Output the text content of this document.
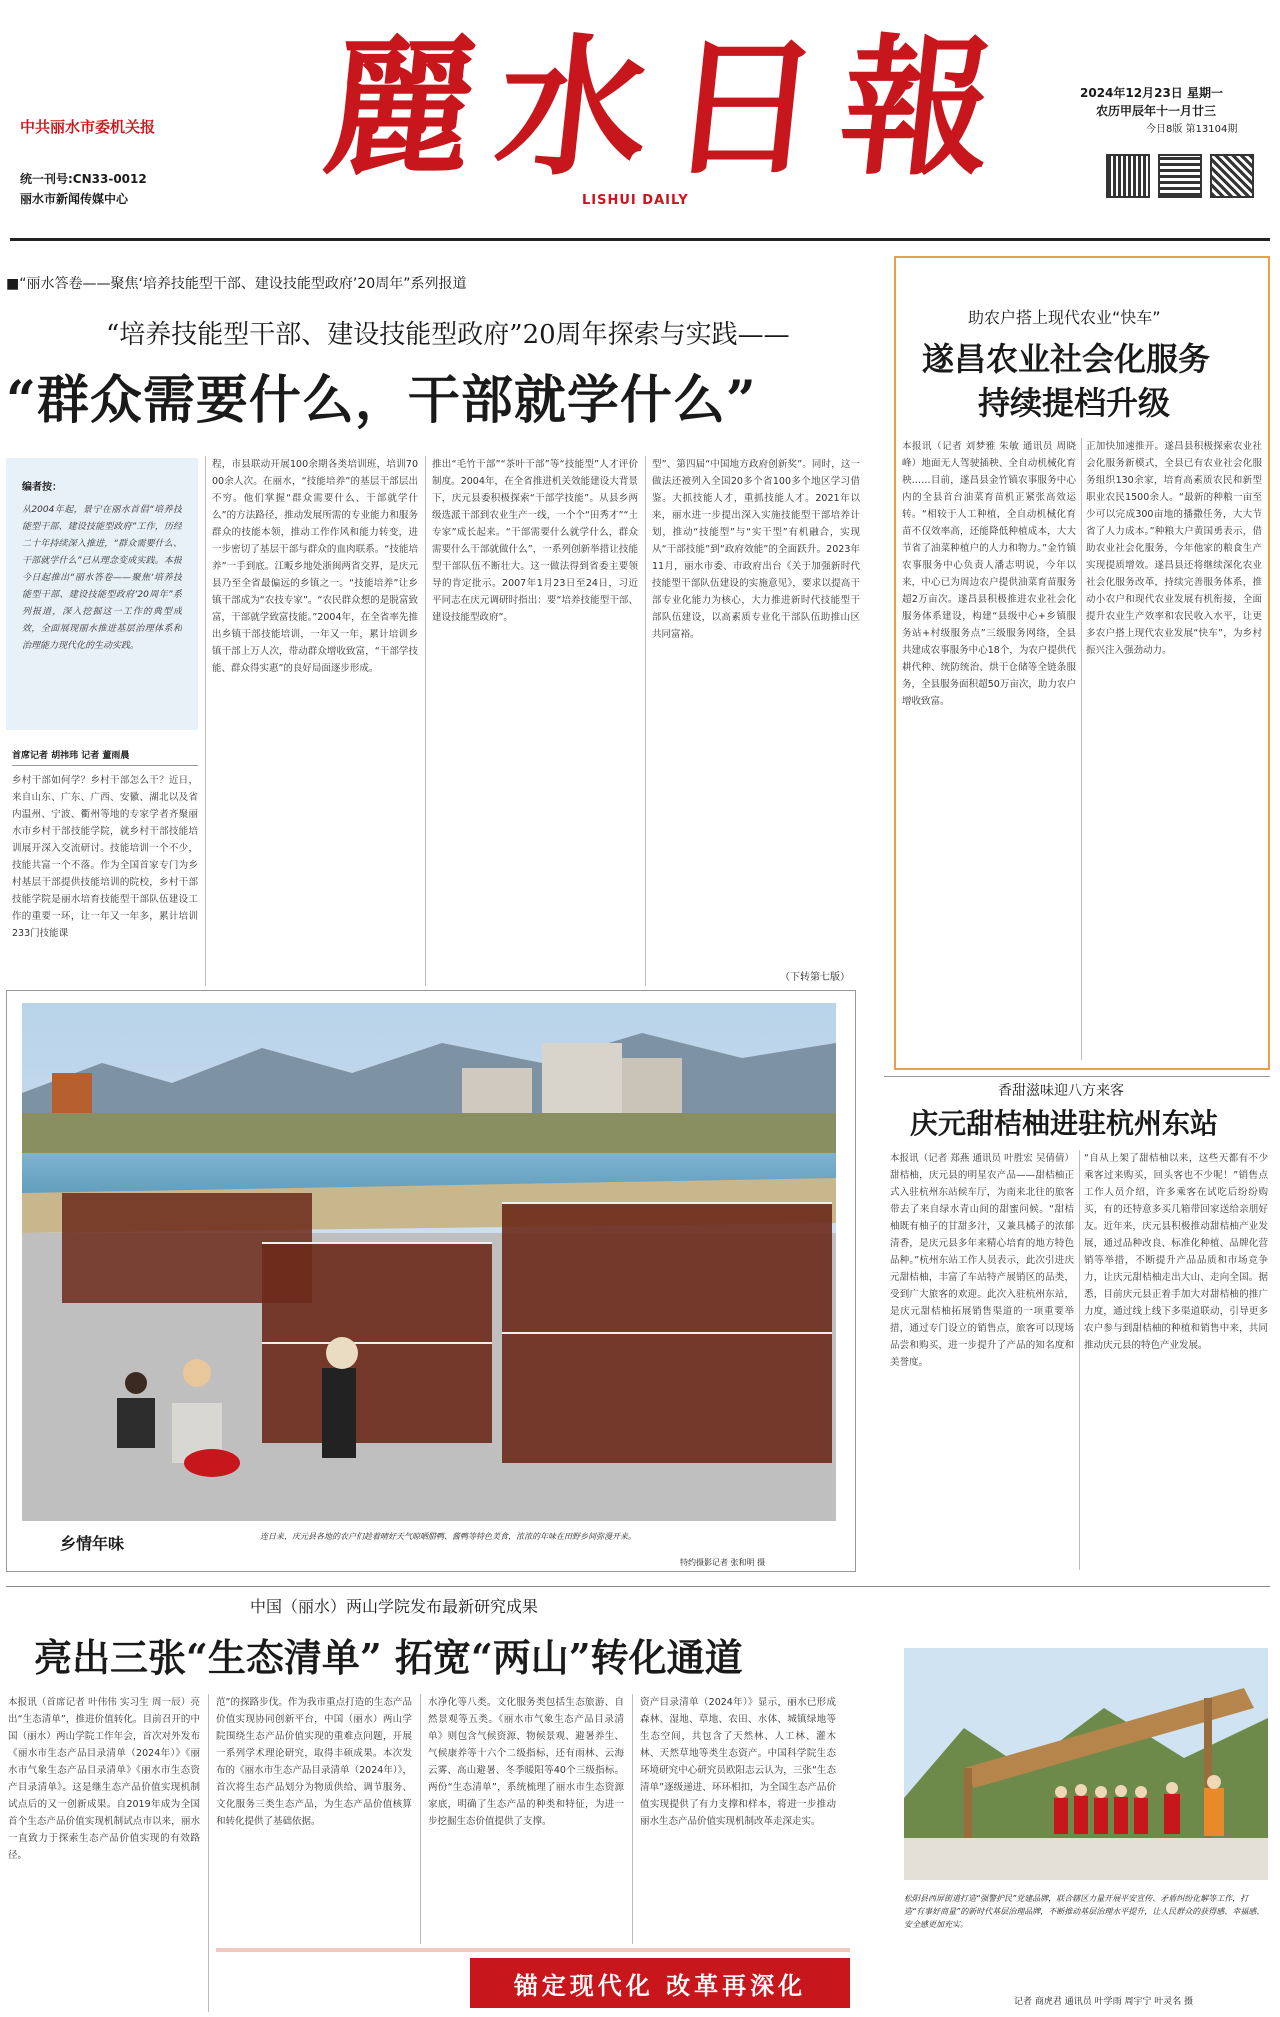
中共丽水市委机关报
统一刊号:CN33-0012
丽水市新闻传媒中心
麗水日報
LISHUI DAILY
2024年12月23日 星期一
农历甲辰年十一月廿三
今日8版 第13104期
■“丽水答卷——聚焦‘培养技能型干部、建设技能型政府’20周年”系列报道
“培养技能型干部、建设技能型政府”20周年探索与实践——
“群众需要什么，干部就学什么”
编者按：
从2004年起，景宁在丽水首倡“培养技能型干部、建设技能型政府”工作，历经二十年持续深入推进，“群众需要什么、干部就学什么”已从理念变成实践。本报今日起推出“丽水答卷——聚焦‘培养技能型干部、建设技能型政府’20周年”系列报道，深入挖掘这一工作的典型成效，全面展现丽水推进基层治理体系和治理能力现代化的生动实践。
首席记者 胡祎玮 记者 董雨晨
乡村干部如何学？乡村干部怎么干？近日，来自山东、广东、广西、安徽、湖北以及省内温州、宁波、衢州等地的专家学者齐聚丽水市乡村干部技能学院，就乡村干部技能培训展开深入交流研讨。技能培训一个不少，技能共富一个不落。作为全国首家专门为乡村基层干部提供技能培训的院校，乡村干部技能学院是丽水培育技能型干部队伍建设工作的重要一环，让一年又一年多，累计培训233门技能课
程，市县联动开展100余期各类培训班，培训7000余人次。在丽水，“技能培养”的基层干部层出不穷。他们掌握“群众需要什么、干部就学什么”的方法路径，推动发展所需的专业能力和服务群众的技能本领，推动工作作风和能力转变，进一步密切了基层干部与群众的血肉联系。“技能培养”一手到底。江畈乡地处浙闽两省交界，是庆元县乃至全省最偏远的乡镇之一。“技能培养”让乡镇干部成为“农技专家”。“农民群众想的是脱富致富，干部就学致富技能。”2004年，在全省率先推出乡镇干部技能培训，一年又一年，累计培训乡镇干部上万人次，带动群众增收致富，“干部学技能、群众得实惠”的良好局面逐步形成。
推出“毛竹干部”“茶叶干部”等“技能型”人才评价制度。2004年，在全省推进机关效能建设大背景下，庆元县委积极探索“干部学技能”。从县乡两级选派干部到农业生产一线，一个个“田秀才”“土专家”成长起来。“干部需要什么就学什么，群众需要什么干部就做什么”，一系列创新举措让技能型干部队伍不断壮大。这一做法得到省委主要领导的肯定批示。2007年1月23日至24日，习近平同志在庆元调研时指出：要“培养技能型干部、建设技能型政府”。
型”、第四届“中国地方政府创新奖”。同时，这一做法还被列入全国20多个省100多个地区学习借鉴。大抓技能人才，重抓技能人才。2021年以来，丽水进一步提出深入实施技能型干部培养计划，推动“技能型”与“实干型”有机融合，实现从“干部技能”到“政府效能”的全面跃升。2023年11月，丽水市委、市政府出台《关于加强新时代技能型干部队伍建设的实施意见》，要求以提高干部专业化能力为核心，大力推进新时代技能型干部队伍建设，以高素质专业化干部队伍助推山区共同富裕。
（下转第七版）
助农户搭上现代农业“快车”
遂昌农业社会化服务
持续提档升级
本报讯（记者 刘梦雅 朱敏 通讯员 周晓峰）地面无人驾驶插秧、全自动机械化育秧……目前，遂昌县金竹镇农事服务中心内的全县首台油菜育苗机正紧张高效运转。“相较于人工种植，全自动机械化育苗不仅效率高，还能降低种植成本，大大节省了油菜种植户的人力和物力。”金竹镇农事服务中心负责人潘志明说，今年以来，中心已为周边农户提供油菜育苗服务超2万亩次。遂昌县积极推进农业社会化服务体系建设，构建“县级中心+乡镇服务站+村级服务点”三级服务网络，全县共建成农事服务中心18个，为农户提供代耕代种、统防统治、烘干仓储等全链条服务，全县服务面积超50万亩次，助力农户增收致富。
正加快加速推开。遂昌县积极探索农业社会化服务新模式，全县已有农业社会化服务组织130余家，培育高素质农民和新型职业农民1500余人。“最新的种粮一亩至少可以完成300亩地的播撒任务，大大节省了人力成本。”种粮大户黄国勇表示，借助农业社会化服务，今年他家的粮食生产实现提质增效。遂昌县还将继续深化农业社会化服务改革，持续完善服务体系，推动小农户和现代农业发展有机衔接，全面提升农业生产效率和农民收入水平，让更多农户搭上现代农业发展“快车”，为乡村振兴注入强劲动力。
乡情年味	连日来，庆元县各地的农户们趁着晴好天气晾晒腊鸭、酱鸭等特色美食，浓浓的年味在田野乡间弥漫开来。
特约摄影记者 张和明 摄
香甜滋味迎八方来客
庆元甜桔柚进驻杭州东站
本报讯（记者 郑燕 通讯员 叶胜宏 吴倩倩）甜桔柚，庆元县的明星农产品——甜桔柚正式入驻杭州东站候车厅，为南来北往的旅客带去了来自绿水青山间的甜蜜问候。“甜桔柚既有柚子的甘甜多汁，又兼具橘子的浓郁清香，是庆元县多年来精心培育的地方特色品种。”杭州东站工作人员表示，此次引进庆元甜桔柚，丰富了车站特产展销区的品类，受到广大旅客的欢迎。此次入驻杭州东站，是庆元甜桔柚拓展销售渠道的一项重要举措，通过专门设立的销售点，旅客可以现场品尝和购买，进一步提升了产品的知名度和美誉度。
“自从上架了甜桔柚以来，这些天都有不少乘客过来购买，回头客也不少呢！”销售点工作人员介绍，许多乘客在试吃后纷纷购买，有的还特意多买几箱带回家送给亲朋好友。近年来，庆元县积极推动甜桔柚产业发展，通过品种改良、标准化种植、品牌化营销等举措，不断提升产品品质和市场竞争力，让庆元甜桔柚走出大山、走向全国。据悉，目前庆元县正着手加大对甜桔柚的推广力度，通过线上线下多渠道联动，引导更多农户参与到甜桔柚的种植和销售中来，共同推动庆元县的特色产业发展。
中国（丽水）两山学院发布最新研究成果
亮出三张“生态清单” 拓宽“两山”转化通道
本报讯（首席记者 叶伟伟 实习生 周一辰）亮出“生态清单”，推进价值转化。目前召开的中国（丽水）两山学院工作年会，首次对外发布《丽水市生态产品目录清单（2024年）》《丽水市气象生态产品目录清单》《丽水市生态资产目录清单》。这是继生态产品价值实现机制试点后的又一创新成果。自2019年成为全国首个生态产品价值实现机制试点市以来，丽水一直致力于探索生态产品价值实现的有效路径。
范”的探路步伐。作为我市重点打造的生态产品价值实现协同创新平台，中国（丽水）两山学院围绕生态产品价值实现的重难点问题，开展一系列学术理论研究，取得丰硕成果。本次发布的《丽水市生态产品目录清单（2024年）》，首次将生态产品划分为物质供给、调节服务、文化服务三类生态产品，为生态产品价值核算和转化提供了基础依据。
水净化等八类。文化服务类包括生态旅游、自然景观等五类。《丽水市气象生态产品目录清单》则包含气候资源、物候景观、避暑养生、气候康养等十六个二级指标，还有雨林、云海云雾、高山避暑、冬季暖阳等40个三级指标。两份“生态清单”，系统梳理了丽水市生态资源家底，明确了生态产品的种类和特征，为进一步挖掘生态价值提供了支撑。
资产目录清单（2024年）》显示，丽水已形成森林、湿地、草地、农田、水体、城镇绿地等生态空间，共包含了天然林、人工林、灌木林、天然草地等类生态资产。中国科学院生态环境研究中心研究员欧阳志云认为，三张“生态清单”逐级递进、环环相扣，为全国生态产品价值实现提供了有力支撑和样本，将进一步推动丽水生态产品价值实现机制改革走深走实。
锚定现代化 改革再深化
松阳县西屏街道打造“强警护民”党建品牌，联合辖区力量开展平安宣传、矛盾纠纷化解等工作，打造“有事好商量”的新时代基层治理品牌，不断推动基层治理水平提升，让人民群众的获得感、幸福感、安全感更加充实。
记者 商虎君 通讯员 叶学雨 周宇宁 叶灵名 摄
